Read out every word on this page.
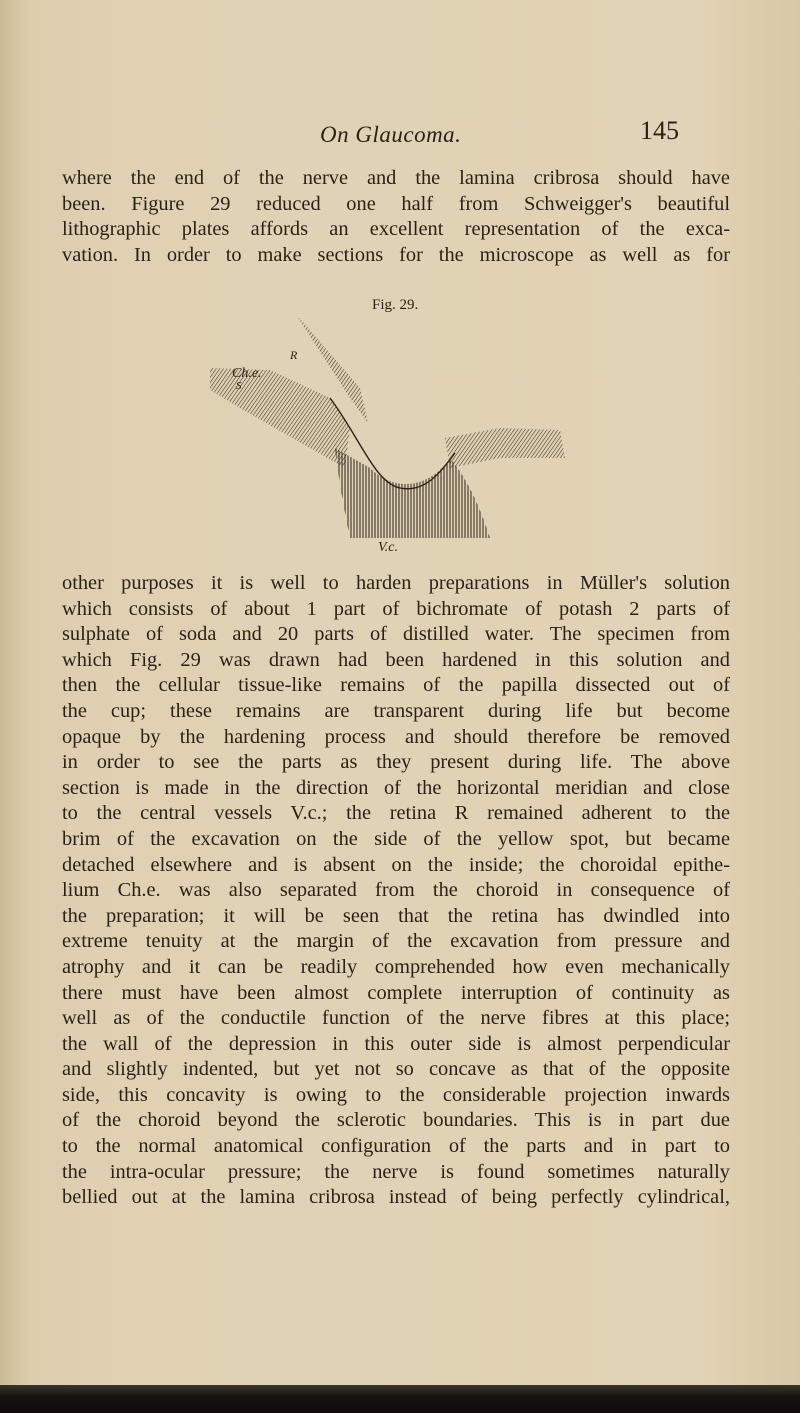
On Glaucoma.	145
where the end of the nerve and the lamina cribrosa should have
been. Figure 29 reduced one half from Schweigger's beautiful
lithographic plates affords an excellent representation of the exca-
vation. In order to make sections for the microscope as well as for
Fig. 29.
Ch.e.
R
S
V.c.
other purposes it is well to harden preparations in Müller's solution
which consists of about 1 part of bichromate of potash 2 parts of
sulphate of soda and 20 parts of distilled water. The specimen from
which Fig. 29 was drawn had been hardened in this solution and
then the cellular tissue-like remains of the papilla dissected out of
the cup; these remains are transparent during life but become
opaque by the hardening process and should therefore be removed
in order to see the parts as they present during life. The above
section is made in the direction of the horizontal meridian and close
to the central vessels V.c.; the retina R remained adherent to the
brim of the excavation on the side of the yellow spot, but became
detached elsewhere and is absent on the inside; the choroidal epithe-
lium Ch.e. was also separated from the choroid in consequence of
the preparation; it will be seen that the retina has dwindled into
extreme tenuity at the margin of the excavation from pressure and
atrophy and it can be readily comprehended how even mechanically
there must have been almost complete interruption of continuity as
well as of the conductile function of the nerve fibres at this place;
the wall of the depression in this outer side is almost perpendicular
and slightly indented, but yet not so concave as that of the opposite
side, this concavity is owing to the considerable projection inwards
of the choroid beyond the sclerotic boundaries. This is in part due
to the normal anatomical configuration of the parts and in part to
the intra-ocular pressure; the nerve is found sometimes naturally
bellied out at the lamina cribrosa instead of being perfectly cylindrical,
